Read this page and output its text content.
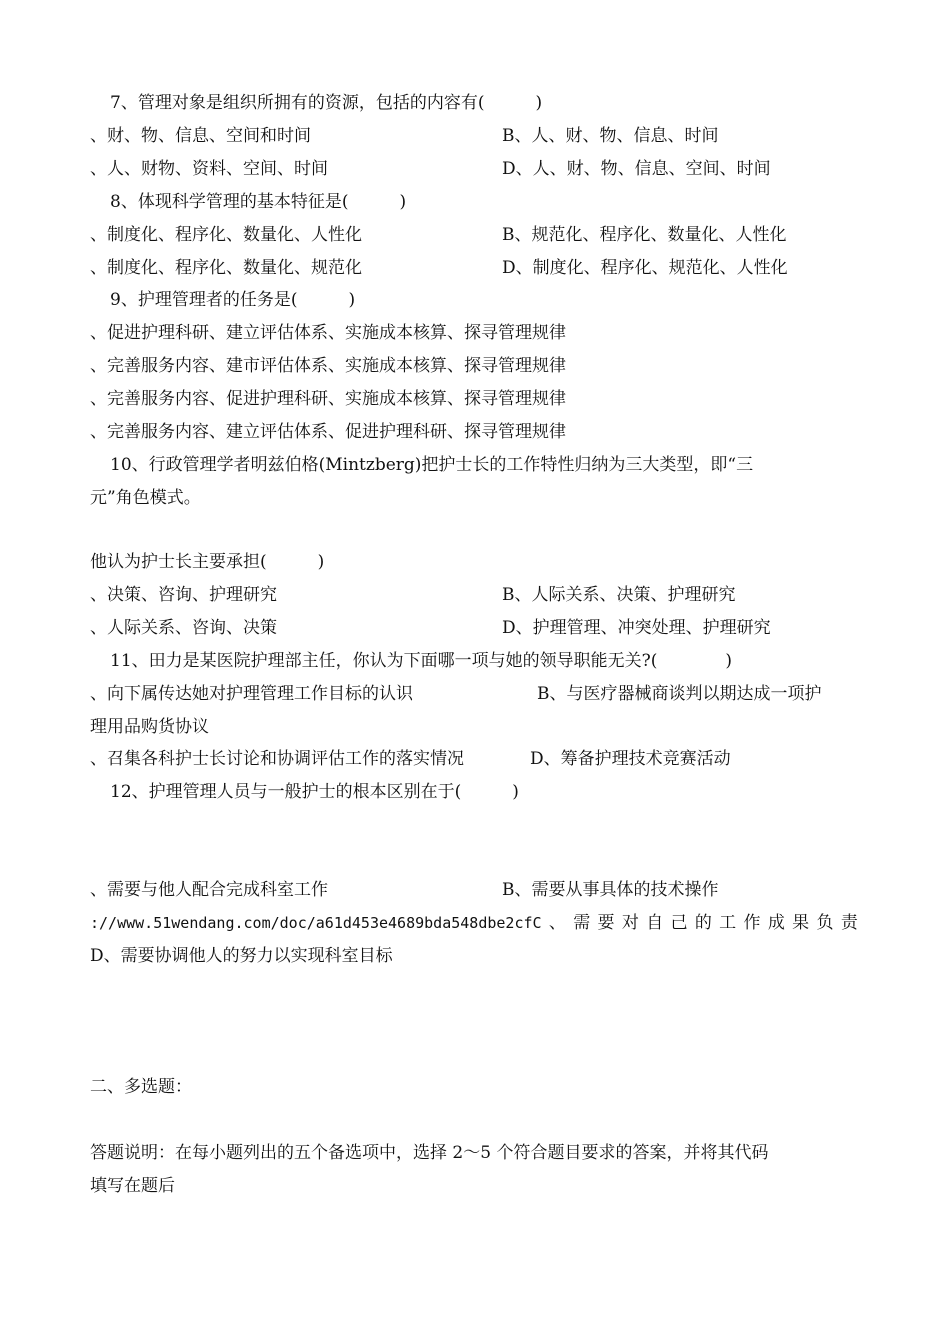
7、管理对象是组织所拥有的资源，包括的内容有(　　　)
、财、物、信息、空间和时间	B、人、财、物、信息、时间
、人、财物、资料、空间、时间	D、人、财、物、信息、空间、时间
8、体现科学管理的基本特征是(　　　)
、制度化、程序化、数量化、人性化	B、规范化、程序化、数量化、人性化
、制度化、程序化、数量化、规范化	D、制度化、程序化、规范化、人性化
9、护理管理者的任务是(　　　)
、促进护理科研、建立评估体系、实施成本核算、探寻管理规律
、完善服务内容、建市评估体系、实施成本核算、探寻管理规律
、完善服务内容、促进护理科研、实施成本核算、探寻管理规律
、完善服务内容、建立评估体系、促进护理科研、探寻管理规律
10、行政管理学者明兹伯格(Mintzberg)把护士长的工作特性归纳为三大类型，即“三
元”角色模式。
他认为护士长主要承担(　　　)
、决策、咨询、护理研究	B、人际关系、决策、护理研究
、人际关系、咨询、决策	D、护理管理、冲突处理、护理研究
11、田力是某医院护理部主任，你认为下面哪一项与她的领导职能无关?(　　　　)
、向下属传达她对护理管理工作目标的认识	B、与医疗器械商谈判以期达成一项护
理用品购货协议
、召集各科护士长讨论和协调评估工作的落实情况	D、筹备护理技术竞赛活动
12、护理管理人员与一般护士的根本区别在于(　　　)
、需要与他人配合完成科室工作	B、需要从事具体的技术操作
://www.51wendang.com/doc/a61d453e4689bda548dbe2cfC 、 需 要 对 自 己 的 工 作 成 果 负 责
D、需要协调他人的努力以实现科室目标
二、多选题：
答题说明：在每小题列出的五个备选项中，选择 2～5 个符合题目要求的答案，并将其代码
填写在题后
